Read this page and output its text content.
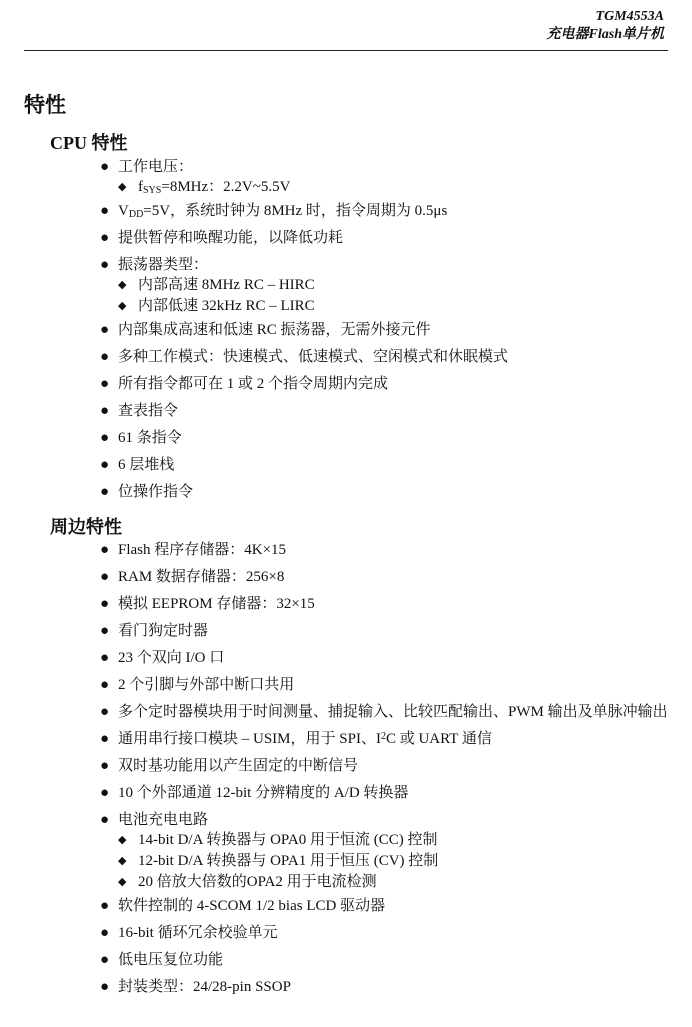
TGM4553A
充电器Flash单片机
特性
CPU 特性
● 工作电压：
◆ $f_{SYS}=8MHz$：2.2V~5.5V
● $V_{DD}=5V$，系统时钟为 8MHz 时，指令周期为 0.5μs
● 提供暂停和唤醒功能，以降低功耗
● 振荡器类型：
◆ 内部高速 8MHz RC – HIRC
◆ 内部低速 32kHz RC – LIRC
● 内部集成高速和低速 RC 振荡器，无需外接元件
● 多种工作模式：快速模式、低速模式、空闲模式和休眠模式
● 所有指令都可在 1 或 2 个指令周期内完成
● 查表指令
● 61 条指令
● 6 层堆栈
● 位操作指令
周边特性
● Flash 程序存储器：4K×15
● RAM 数据存储器：256×8
● 模拟 EEPROM 存储器：32×15
● 看门狗定时器
● 23 个双向 I/O 口
● 2 个引脚与外部中断口共用
● 多个定时器模块用于时间测量、捕捉输入、比较匹配输出、PWM 输出及单脉冲输出
● 通用串行接口模块 – USIM，用于 SPI、$I^2C$ 或 UART 通信
● 双时基功能用以产生固定的中断信号
● 10 个外部通道 12-bit 分辨精度的 A/D 转换器
● 电池充电电路
◆ 14-bit D/A 转换器与 OPA0 用于恒流 (CC) 控制
◆ 12-bit D/A 转换器与 OPA1 用于恒压 (CV) 控制
◆ 20 倍放大倍数的OPA2 用于电流检测
● 软件控制的 4-SCOM 1/2 bias LCD 驱动器
● 16-bit 循环冗余校验单元
● 低电压复位功能
● 封装类型：24/28-pin SSOP
